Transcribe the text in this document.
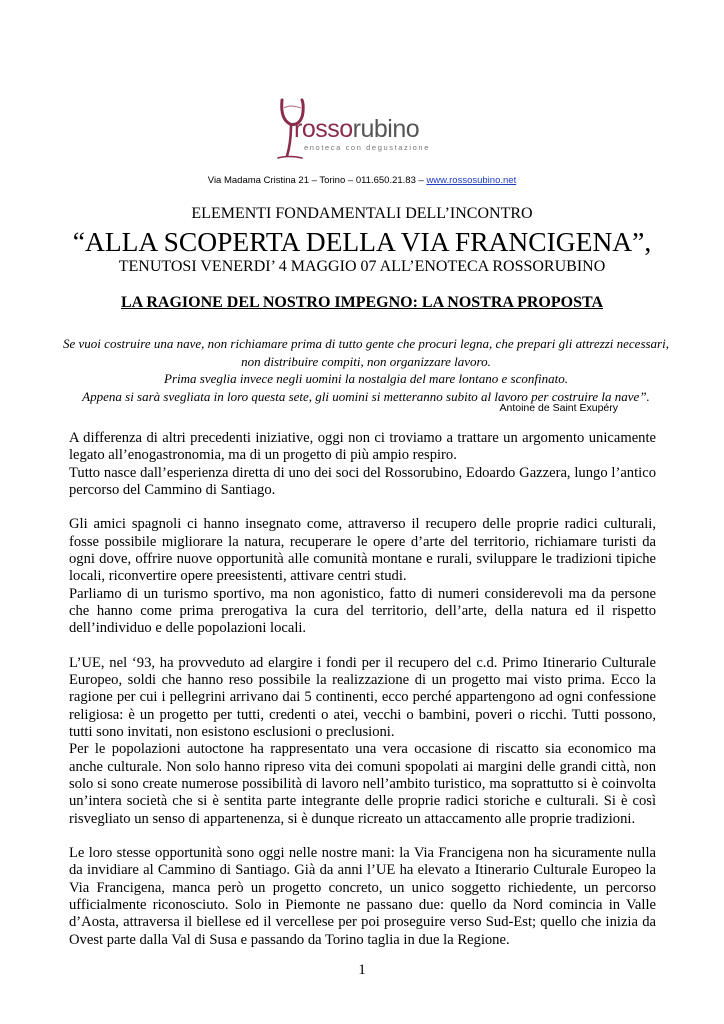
rossorubino
enoteca con degustazione
Via Madama Cristina 21 – Torino – 011.650.21.83 – www.rossosubino.net
ELEMENTI FONDAMENTALI DELL’INCONTRO
“ALLA SCOPERTA DELLA VIA FRANCIGENA”,
TENUTOSI VENERDI’ 4 MAGGIO 07 ALL’ENOTECA ROSSORUBINO
LA RAGIONE DEL NOSTRO IMPEGNO: LA NOSTRA PROPOSTA

Se vuoi costruire una nave, non richiamare prima di tutto gente che procuri legna, che prepari gli attrezzi necessari, non distribuire compiti, non organizzare lavoro.

Prima sveglia invece negli uomini la nostalgia del mare lontano e sconfinato.

Appena si sarà svegliata in loro questa sete, gli uomini si metteranno subito al lavoro per costruire la nave”.

Antoine de Saint Exupéry

A differenza di altri precedenti iniziative, oggi non ci troviamo a trattare un argomento unicamente legato all’enogastronomia, ma di un progetto di più ampio respiro.

Tutto nasce dall’esperienza diretta di uno dei soci del Rossorubino, Edoardo Gazzera, lungo l’antico percorso del Cammino di Santiago.

Gli amici spagnoli ci hanno insegnato come, attraverso il recupero delle proprie radici culturali, fosse possibile migliorare la natura, recuperare le opere d’arte del territorio, richiamare turisti da ogni dove, offrire nuove opportunità alle comunità montane e rurali, sviluppare le tradizioni tipiche locali, riconvertire opere preesistenti, attivare centri studi.

Parliamo di un turismo sportivo, ma non agonistico, fatto di numeri considerevoli ma da persone che hanno come prima prerogativa la cura del territorio, dell’arte, della natura ed il rispetto dell’individuo e delle popolazioni locali.

L’UE, nel ‘93, ha provveduto ad elargire i fondi per il recupero del c.d. Primo Itinerario Culturale Europeo, soldi che hanno reso possibile la realizzazione di un progetto mai visto prima. Ecco la ragione per cui i pellegrini arrivano dai 5 continenti, ecco perché appartengono ad ogni confessione religiosa: è un progetto per tutti, credenti o atei, vecchi o bambini, poveri o ricchi. Tutti possono, tutti sono invitati, non esistono esclusioni o preclusioni.

Per le popolazioni autoctone ha rappresentato una vera occasione di riscatto sia economico ma anche culturale. Non solo hanno ripreso vita dei comuni spopolati ai margini delle grandi città, non solo si sono create numerose possibilità di lavoro nell’ambito turistico, ma soprattutto si è coinvolta un’intera società che si è sentita parte integrante delle proprie radici storiche e culturali. Si è così risvegliato un senso di appartenenza, si è dunque ricreato un attaccamento alle proprie tradizioni.

Le loro stesse opportunità sono oggi nelle nostre mani: la Via Francigena non ha sicuramente nulla da invidiare al Cammino di Santiago. Già da anni l’UE ha elevato a Itinerario Culturale Europeo la Via Francigena, manca però un progetto concreto, un unico soggetto richiedente, un percorso ufficialmente riconosciuto. Solo in Piemonte ne passano due: quello da Nord comincia in Valle d’Aosta, attraversa il biellese ed il vercellese per poi proseguire verso Sud-Est; quello che inizia da Ovest parte dalla Val di Susa e passando da Torino taglia in due la Regione.

1
